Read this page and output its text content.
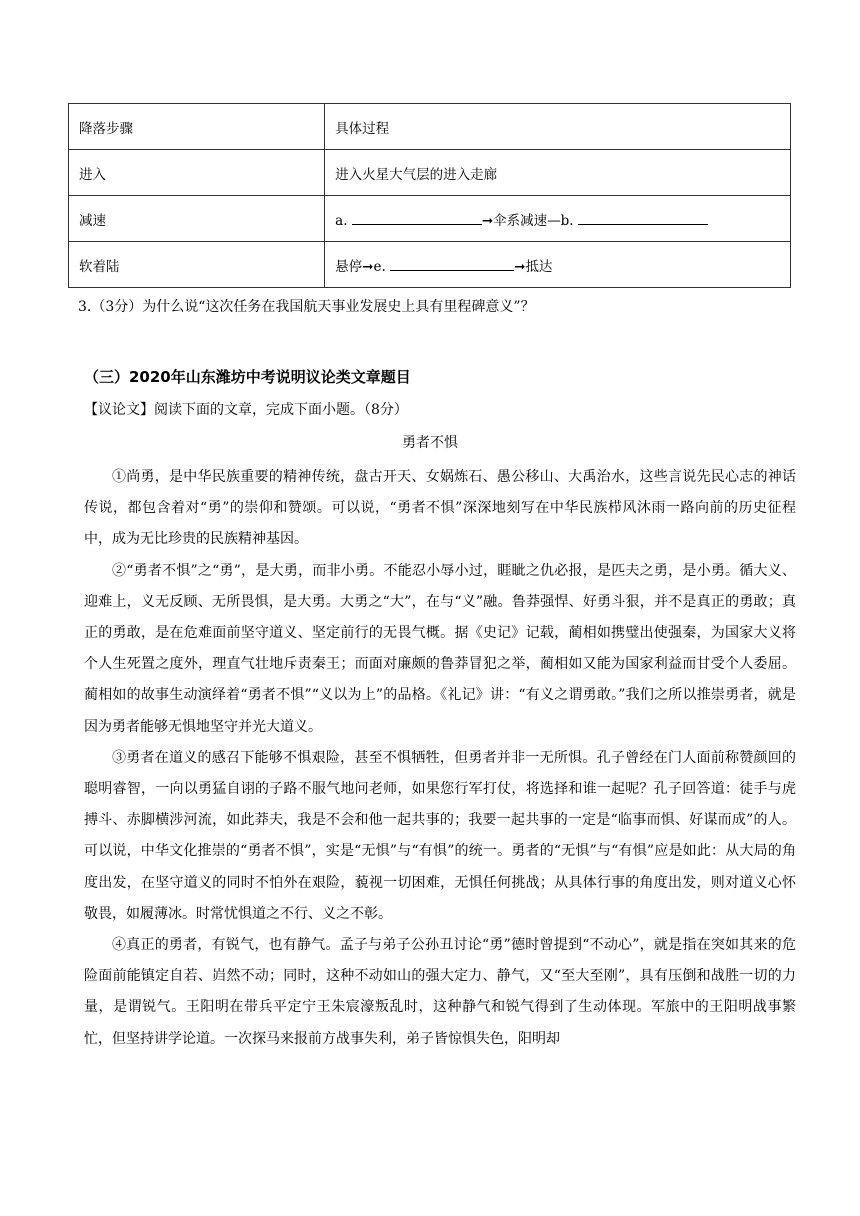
降落步骤	具体过程
进入	进入火星大气层的进入走廊
减速	a. ➞伞系减速—b.
软着陆	悬停➞e. ➞抵达
3.（3分）为什么说“这次任务在我国航天事业发展史上具有里程碑意义”？
（三）2020年山东潍坊中考说明议论类文章题目
【议论文】阅读下面的文章，完成下面小题。（8分）
勇者不惧

①尚勇，是中华民族重要的精神传统，盘古开天、女娲炼石、愚公移山、大禹治水，这些言说先民心志的神话传说，都包含着对“勇”的崇仰和赞颂。可以说，“勇者不惧”深深地刻写在中华民族栉风沐雨一路向前的历史征程中，成为无比珍贵的民族精神基因。

②“勇者不惧”之“勇”，是大勇，而非小勇。不能忍小辱小过，睚眦之仇必报，是匹夫之勇，是小勇。循大义、迎难上，义无反顾、无所畏惧，是大勇。大勇之“大”，在与“义”融。鲁莽强悍、好勇斗狠，并不是真正的勇敢；真正的勇敢，是在危难面前坚守道义、坚定前行的无畏气概。据《史记》记载，蔺相如携璧出使强秦，为国家大义将个人生死置之度外，理直气壮地斥责秦王；而面对廉颇的鲁莽冒犯之举，蔺相如又能为国家利益而甘受个人委屈。蔺相如的故事生动演绎着“勇者不惧”“义以为上”的品格。《礼记》讲：“有义之谓勇敢。”我们之所以推崇勇者，就是因为勇者能够无惧地坚守并光大道义。

③勇者在道义的感召下能够不惧艰险，甚至不惧牺牲，但勇者并非一无所惧。孔子曾经在门人面前称赞颜回的聪明睿智，一向以勇猛自诩的子路不服气地问老师，如果您行军打仗，将选择和谁一起呢？孔子回答道：徒手与虎搏斗、赤脚横涉河流，如此莽夫，我是不会和他一起共事的；我要一起共事的一定是“临事而惧、好谋而成”的人。可以说，中华文化推崇的“勇者不惧”，实是“无惧”与“有惧”的统一。勇者的“无惧”与“有惧”应是如此：从大局的角度出发，在坚守道义的同时不怕外在艰险，藐视一切困难，无惧任何挑战；从具体行事的角度出发，则对道义心怀敬畏，如履薄冰。时常忧惧道之不行、义之不彰。

④真正的勇者，有锐气，也有静气。孟子与弟子公孙丑讨论“勇”德时曾提到“不动心”，就是指在突如其来的危险面前能镇定自若、岿然不动；同时，这种不动如山的强大定力、静气，又“至大至刚”，具有压倒和战胜一切的力量，是谓锐气。王阳明在带兵平定宁王朱宸濠叛乱时，这种静气和锐气得到了生动体现。军旅中的王阳明战事繁忙，但坚持讲学论道。一次探马来报前方战事失利，弟子皆惊惧失色，阳明却
